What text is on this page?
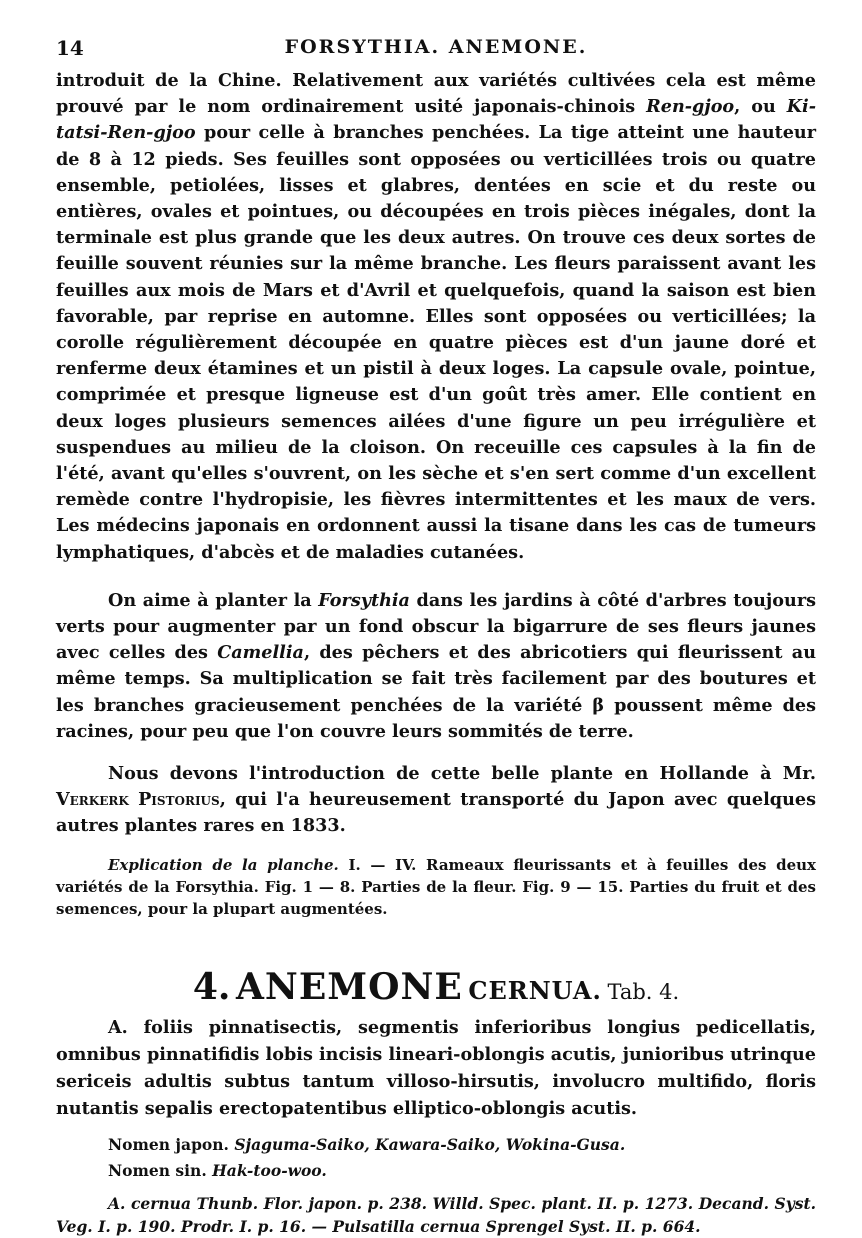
14	FORSYTHIA. ANEMONE.

introduit de la Chine. Relativement aux variétés cultivées cela est même prouvé par le nom ordinairement usité japonais-chinois Ren-gjoo, ou Ki-tatsi-Ren-gjoo pour celle à branches penchées. La tige atteint une hauteur de 8 à 12 pieds. Ses feuilles sont opposées ou verticillées trois ou quatre ensemble, petiolées, lisses et glabres, dentées en scie et du reste ou entières, ovales et pointues, ou découpées en trois pièces inégales, dont la terminale est plus grande que les deux autres. On trouve ces deux sortes de feuille souvent réunies sur la même branche. Les fleurs paraissent avant les feuilles aux mois de Mars et d'Avril et quelquefois, quand la saison est bien favorable, par reprise en automne. Elles sont opposées ou verticillées; la corolle régulièrement découpée en quatre pièces est d'un jaune doré et renferme deux étamines et un pistil à deux loges. La capsule ovale, pointue, comprimée et presque ligneuse est d'un goût très amer. Elle contient en deux loges plusieurs semences ailées d'une figure un peu irrégulière et suspendues au milieu de la cloison. On receuille ces capsules à la fin de l'été, avant qu'elles s'ouvrent, on les sèche et s'en sert comme d'un excellent remède contre l'hydropisie, les fièvres intermittentes et les maux de vers. Les médecins japonais en ordonnent aussi la tisane dans les cas de tumeurs lymphatiques, d'abcès et de maladies cutanées.

On aime à planter la Forsythia dans les jardins à côté d'arbres toujours verts pour augmenter par un fond obscur la bigarrure de ses fleurs jaunes avec celles des Camellia, des pêchers et des abricotiers qui fleurissent au même temps. Sa multiplication se fait très facilement par des boutures et les branches gracieusement penchées de la variété β poussent même des racines, pour peu que l'on couvre leurs sommités de terre.

Nous devons l'introduction de cette belle plante en Hollande à Mr. Verkerk Pistorius, qui l'a heureusement transporté du Japon avec quelques autres plantes rares en 1833.

Explication de la planche. I. — IV. Rameaux fleurissants et à feuilles des deux variétés de la Forsythia. Fig. 1 — 8. Parties de la fleur. Fig. 9 — 15. Parties du fruit et des semences, pour la plupart augmentées.

4. ANEMONE CERNUA. Tab. 4.

A. foliis pinnatisectis, segmentis inferioribus longius pedicellatis, omnibus pinnatifidis lobis incisis lineari-oblongis acutis, junioribus utrinque sericeis adultis subtus tantum villoso-hirsutis, involucro multifido, floris nutantis sepalis erectopatentibus elliptico-oblongis acutis.

Nomen japon. Sjaguma-Saiko, Kawara-Saiko, Wokina-Gusa.
Nomen sin. Hak-too-woo.

A. cernua Thunb. Flor. japon. p. 238. Willd. Spec. plant. II. p. 1273. Decand. Syst. Veg. I. p. 190. Prodr. I. p. 16. — Pulsatilla cernua Sprengel Syst. II. p. 664.
